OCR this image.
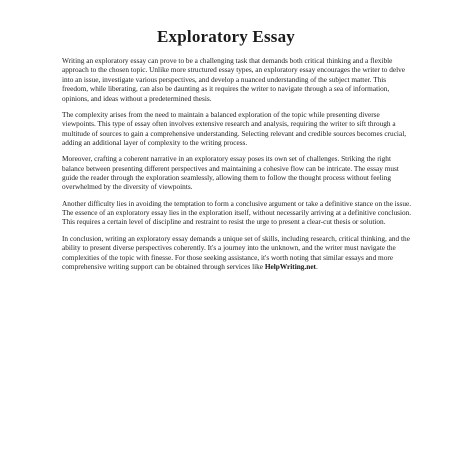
Exploratory Essay

Writing an exploratory essay can prove to be a challenging task that demands both critical thinking and a flexible approach to the chosen topic. Unlike more structured essay types, an exploratory essay encourages the writer to delve into an issue, investigate various perspectives, and develop a nuanced understanding of the subject matter. This freedom, while liberating, can also be daunting as it requires the writer to navigate through a sea of information, opinions, and ideas without a predetermined thesis.

The complexity arises from the need to maintain a balanced exploration of the topic while presenting diverse viewpoints. This type of essay often involves extensive research and analysis, requiring the writer to sift through a multitude of sources to gain a comprehensive understanding. Selecting relevant and credible sources becomes crucial, adding an additional layer of complexity to the writing process.

Moreover, crafting a coherent narrative in an exploratory essay poses its own set of challenges. Striking the right balance between presenting different perspectives and maintaining a cohesive flow can be intricate. The essay must guide the reader through the exploration seamlessly, allowing them to follow the thought process without feeling overwhelmed by the diversity of viewpoints.

Another difficulty lies in avoiding the temptation to form a conclusive argument or take a definitive stance on the issue. The essence of an exploratory essay lies in the exploration itself, without necessarily arriving at a definitive conclusion. This requires a certain level of discipline and restraint to resist the urge to present a clear-cut thesis or solution.

In conclusion, writing an exploratory essay demands a unique set of skills, including research, critical thinking, and the ability to present diverse perspectives coherently. It's a journey into the unknown, and the writer must navigate the complexities of the topic with finesse. For those seeking assistance, it's worth noting that similar essays and more comprehensive writing support can be obtained through services like HelpWriting.net.
